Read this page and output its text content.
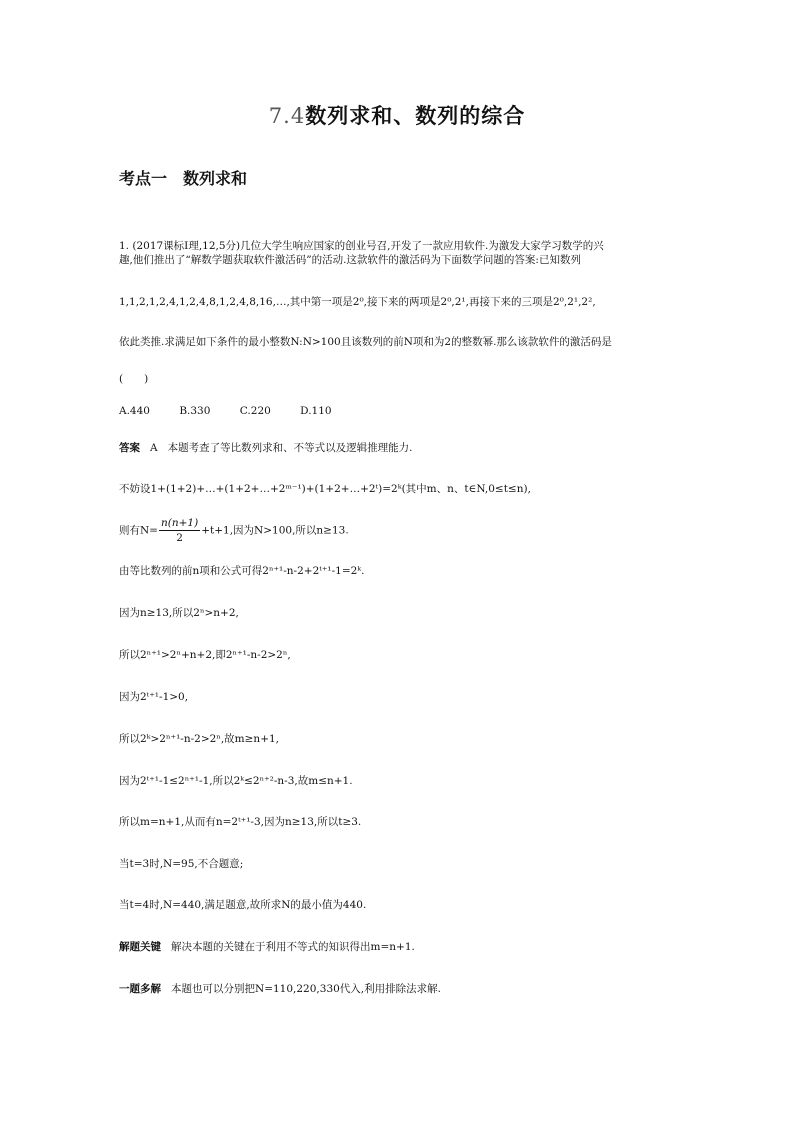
7.4数列求和、数列的综合
考点一　数列求和
1. (2017课标Ⅰ理,12,5分)几位大学生响应国家的创业号召,开发了一款应用软件.为激发大家学习数学的兴
趣,他们推出了“解数学题获取软件激活码”的活动.这款软件的激活码为下面数学问题的答案:已知数列
1,1,2,1,2,4,1,2,4,8,1,2,4,8,16,…,其中第一项是2⁰,接下来的两项是2⁰,2¹,再接下来的三项是2⁰,2¹,2²,
依此类推.求满足如下条件的最小整数N:N>100且该数列的前N项和为2的整数幂.那么该款软件的激活码是
(　　)
A.440	B.330	C.220	D.110
答案 A 本题考查了等比数列求和、不等式以及逻辑推理能力.
不妨设1+(1+2)+…+(1+2+…+2ᵐ⁻¹)+(1+2+…+2ᵗ)=2ᵏ(其中m、n、t∈N,0≤t≤n),
则有$N= \frac{n(n+1)}{2} +t+1$,因为N>100,所以n≥13.
由等比数列的前n项和公式可得2ⁿ⁺¹-n-2+2ᵗ⁺¹-1=2ᵏ.
因为n≥13,所以2ⁿ>n+2,
所以2ⁿ⁺¹>2ⁿ+n+2,即2ⁿ⁺¹-n-2>2ⁿ,
因为2ᵗ⁺¹-1>0,
所以2ᵏ>2ⁿ⁺¹-n-2>2ⁿ,故m≥n+1,
因为2ᵗ⁺¹-1≤2ⁿ⁺¹-1,所以2ᵏ≤2ⁿ⁺²-n-3,故m≤n+1.
所以m=n+1,从而有n=2ᵗ⁺¹-3,因为n≥13,所以t≥3.
当t=3时,N=95,不合题意;
当t=4时,N=440,满足题意,故所求N的最小值为440.
解题关键 解决本题的关键在于利用不等式的知识得出m=n+1.
一题多解 本题也可以分别把N=110,220,330代入,利用排除法求解.
